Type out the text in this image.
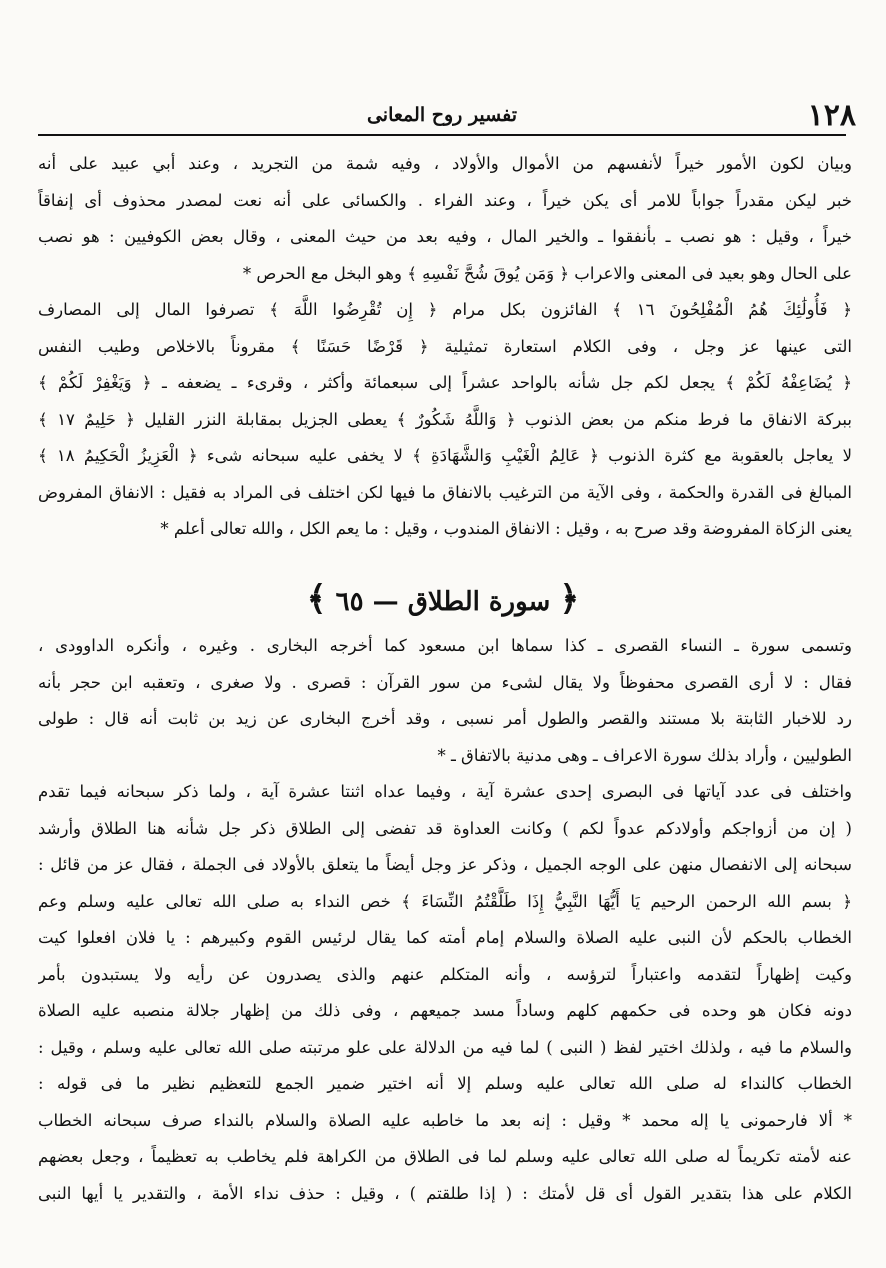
١٢٨
تفسير روح المعانى
وبيان لكون الأمور خيراً لأنفسهم من الأموال والأولاد ، وفيه شمة من التجريد ، وعند أبي عبيد على أنه
خبر ليكن مقدراً جواباً للامر أى يكن خيراً ، وعند الفراء . والكسائى على أنه نعت لمصدر محذوف أى إنفاقاً
خيراً ، وقيل : هو نصب ـ بأنفقوا ـ والخير المال ، وفيه بعد من حيث المعنى ، وقال بعض الكوفيين : هو نصب
على الحال وهو بعيد فى المعنى والاعراب ﴿ وَمَن يُوقَ شُحَّ نَفْسِهِ ﴾ وهو البخل مع الحرص *
﴿ فَأُولَٰئِكَ هُمُ الْمُفْلِحُونَ ١٦ ﴾ الفائزون بكل مرام ﴿ إِن تُقْرِضُوا اللَّهَ ﴾ تصرفوا المال إلى المصارف
التى عينها عز وجل ، وفى الكلام استعارة تمثيلية ﴿ قَرْضًا حَسَنًا ﴾ مقروناً بالاخلاص وطيب النفس
﴿ يُضَاعِفْهُ لَكُمْ ﴾ يجعل لكم جل شأنه بالواحد عشراً إلى سبعمائة وأكثر ، وقرىء ـ يضعفه ـ ﴿ وَيَغْفِرْ لَكُمْ ﴾
ببركة الانفاق ما فرط منكم من بعض الذنوب ﴿ وَاللَّهُ شَكُورٌ ﴾ يعطى الجزيل بمقابلة النزر القليل ﴿ حَلِيمٌ ١٧ ﴾
لا يعاجل بالعقوبة مع كثرة الذنوب ﴿ عَالِمُ الْغَيْبِ وَالشَّهَادَةِ ﴾ لا يخفى عليه سبحانه شىء ﴿ الْعَزِيزُ الْحَكِيمُ ١٨ ﴾
المبالغ فى القدرة والحكمة ، وفى الآية من الترغيب بالانفاق ما فيها لكن اختلف فى المراد به فقيل : الانفاق المفروض
يعنى الزكاة المفروضة وقد صرح به ، وقيل : الانفاق المندوب ، وقيل : ما يعم الكل ، والله تعالى أعلم *
﴿ سورة الطلاق — ٦٥ ﴾
وتسمى سورة ـ النساء القصرى ـ كذا سماها ابن مسعود كما أخرجه البخارى . وغيره ، وأنكره الداوودى ،
فقال : لا أرى القصرى محفوظاً ولا يقال لشىء من سور القرآن : قصرى . ولا صغرى ، وتعقبه ابن حجر بأنه
رد للاخبار الثابتة بلا مستند والقصر والطول أمر نسبى ، وقد أخرج البخارى عن زيد بن ثابت أنه قال : طولى
الطوليين ، وأراد بذلك سورة الاعراف ـ وهى مدنية بالاتفاق ـ *
واختلف فى عدد آياتها فى البصرى إحدى عشرة آية ، وفيما عداه اثنتا عشرة آية ، ولما ذكر سبحانه فيما تقدم
( إن من أزواجكم وأولادكم عدواً لكم ) وكانت العداوة قد تفضى إلى الطلاق ذكر جل شأنه هنا الطلاق وأرشد
سبحانه إلى الانفصال منهن على الوجه الجميل ، وذكر عز وجل أيضاً ما يتعلق بالأولاد فى الجملة ، فقال عز من قائل :
﴿ بسم الله الرحمن الرحيم يَا أَيُّهَا النَّبِيُّ إِذَا طَلَّقْتُمُ النِّسَاءَ ﴾ خص النداء به صلى الله تعالى عليه وسلم وعم
الخطاب بالحكم لأن النبى عليه الصلاة والسلام إمام أمته كما يقال لرئيس القوم وكبيرهم : يا فلان افعلوا كيت
وكيت إظهاراً لتقدمه واعتباراً لترؤسه ، وأنه المتكلم عنهم والذى يصدرون عن رأيه ولا يستبدون بأمر
دونه فكان هو وحده فى حكمهم كلهم وساداً مسد جميعهم ، وفى ذلك من إظهار جلالة منصبه عليه الصلاة
والسلام ما فيه ، ولذلك اختير لفظ ( النبى ) لما فيه من الدلالة على علو مرتبته صلى الله تعالى عليه وسلم ، وقيل :
الخطاب كالنداء له صلى الله تعالى عليه وسلم إلا أنه اختير ضمير الجمع للتعظيم نظير ما فى قوله :
* ألا فارحمونى يا إله محمد * وقيل : إنه بعد ما خاطبه عليه الصلاة والسلام بالنداء صرف سبحانه الخطاب
عنه لأمته تكريماً له صلى الله تعالى عليه وسلم لما فى الطلاق من الكراهة فلم يخاطب به تعظيماً ، وجعل بعضهم
الكلام على هذا بتقدير القول أى قل لأمتك : ( إذا طلقتم ) ، وقيل : حذف نداء الأمة ، والتقدير يا أيها النبى
